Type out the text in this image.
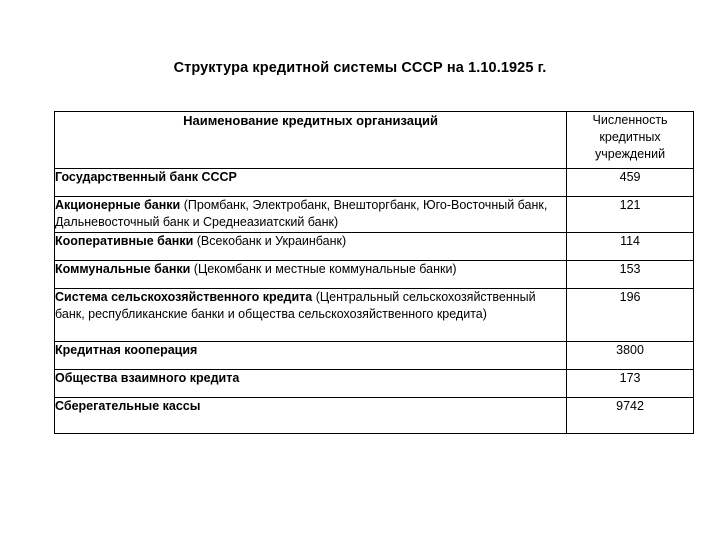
Структура кредитной системы СССР на 1.10.1925 г.
Наименование кредитных организаций	Численность кредитных учреждений
Государственный банк СССР	459
Акционерные банки (Промбанк, Электробанк, Внешторгбанк, Юго-Восточный банк, Дальневосточный банк и Среднеазиатский банк)	121
Кооперативные банки (Всекобанк и Украинбанк)	114
Коммунальные банки (Цекомбанк и местные коммунальные банки)	153
Система сельскохозяйственного кредита (Центральный сельскохозяйственный банк, республиканские банки и общества сельскохозяйственного кредита)	196
Кредитная кооперация	3800
Общества взаимного кредита	173
Сберегательные кассы	9742
